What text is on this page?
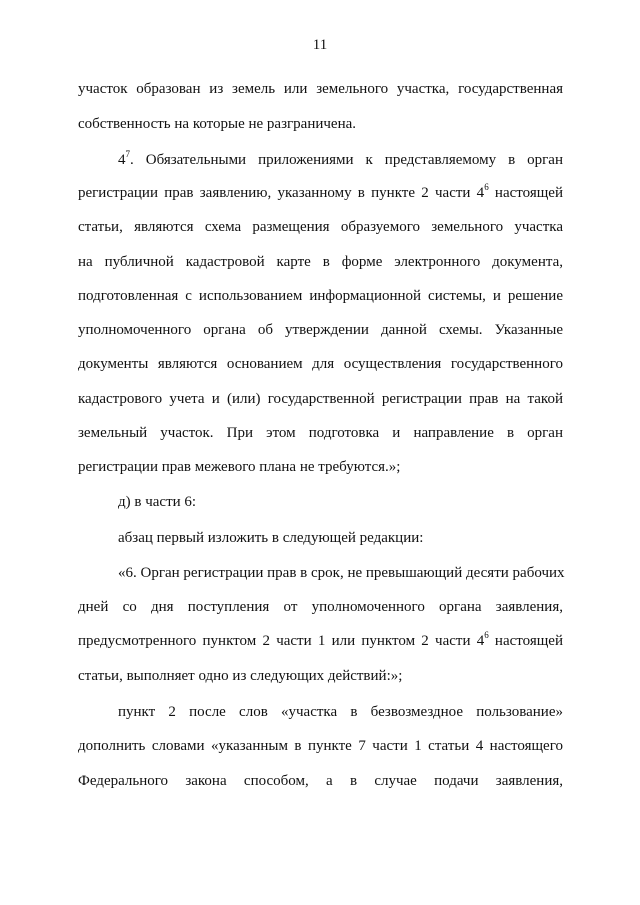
11
участок образован из земель или земельного участка, государственная
собственность на которые не разграничена.
$4^7$. Обязательными приложениями к представляемому в орган
регистрации прав заявлению, указанному в пункте 2 части $4^6$ настоящей
статьи, являются схема размещения образуемого земельного участка
на публичной кадастровой карте в форме электронного документа,
подготовленная с использованием информационной системы, и решение
уполномоченного органа об утверждении данной схемы. Указанные
документы являются основанием для осуществления государственного
кадастрового учета и (или) государственной регистрации прав на такой
земельный участок. При этом подготовка и направление в орган
регистрации прав межевого плана не требуются.»;
д) в части 6:
абзац первый изложить в следующей редакции:
«6. Орган регистрации прав в срок, не превышающий десяти рабочих
дней со дня поступления от уполномоченного органа заявления,
предусмотренного пунктом 2 части 1 или пунктом 2 части $4^6$ настоящей
статьи, выполняет одно из следующих действий:»;
пункт 2 после слов «участка в безвозмездное пользование»
дополнить словами «указанным в пункте 7 части 1 статьи 4 настоящего
Федерального закона способом, а в случае подачи заявления,
